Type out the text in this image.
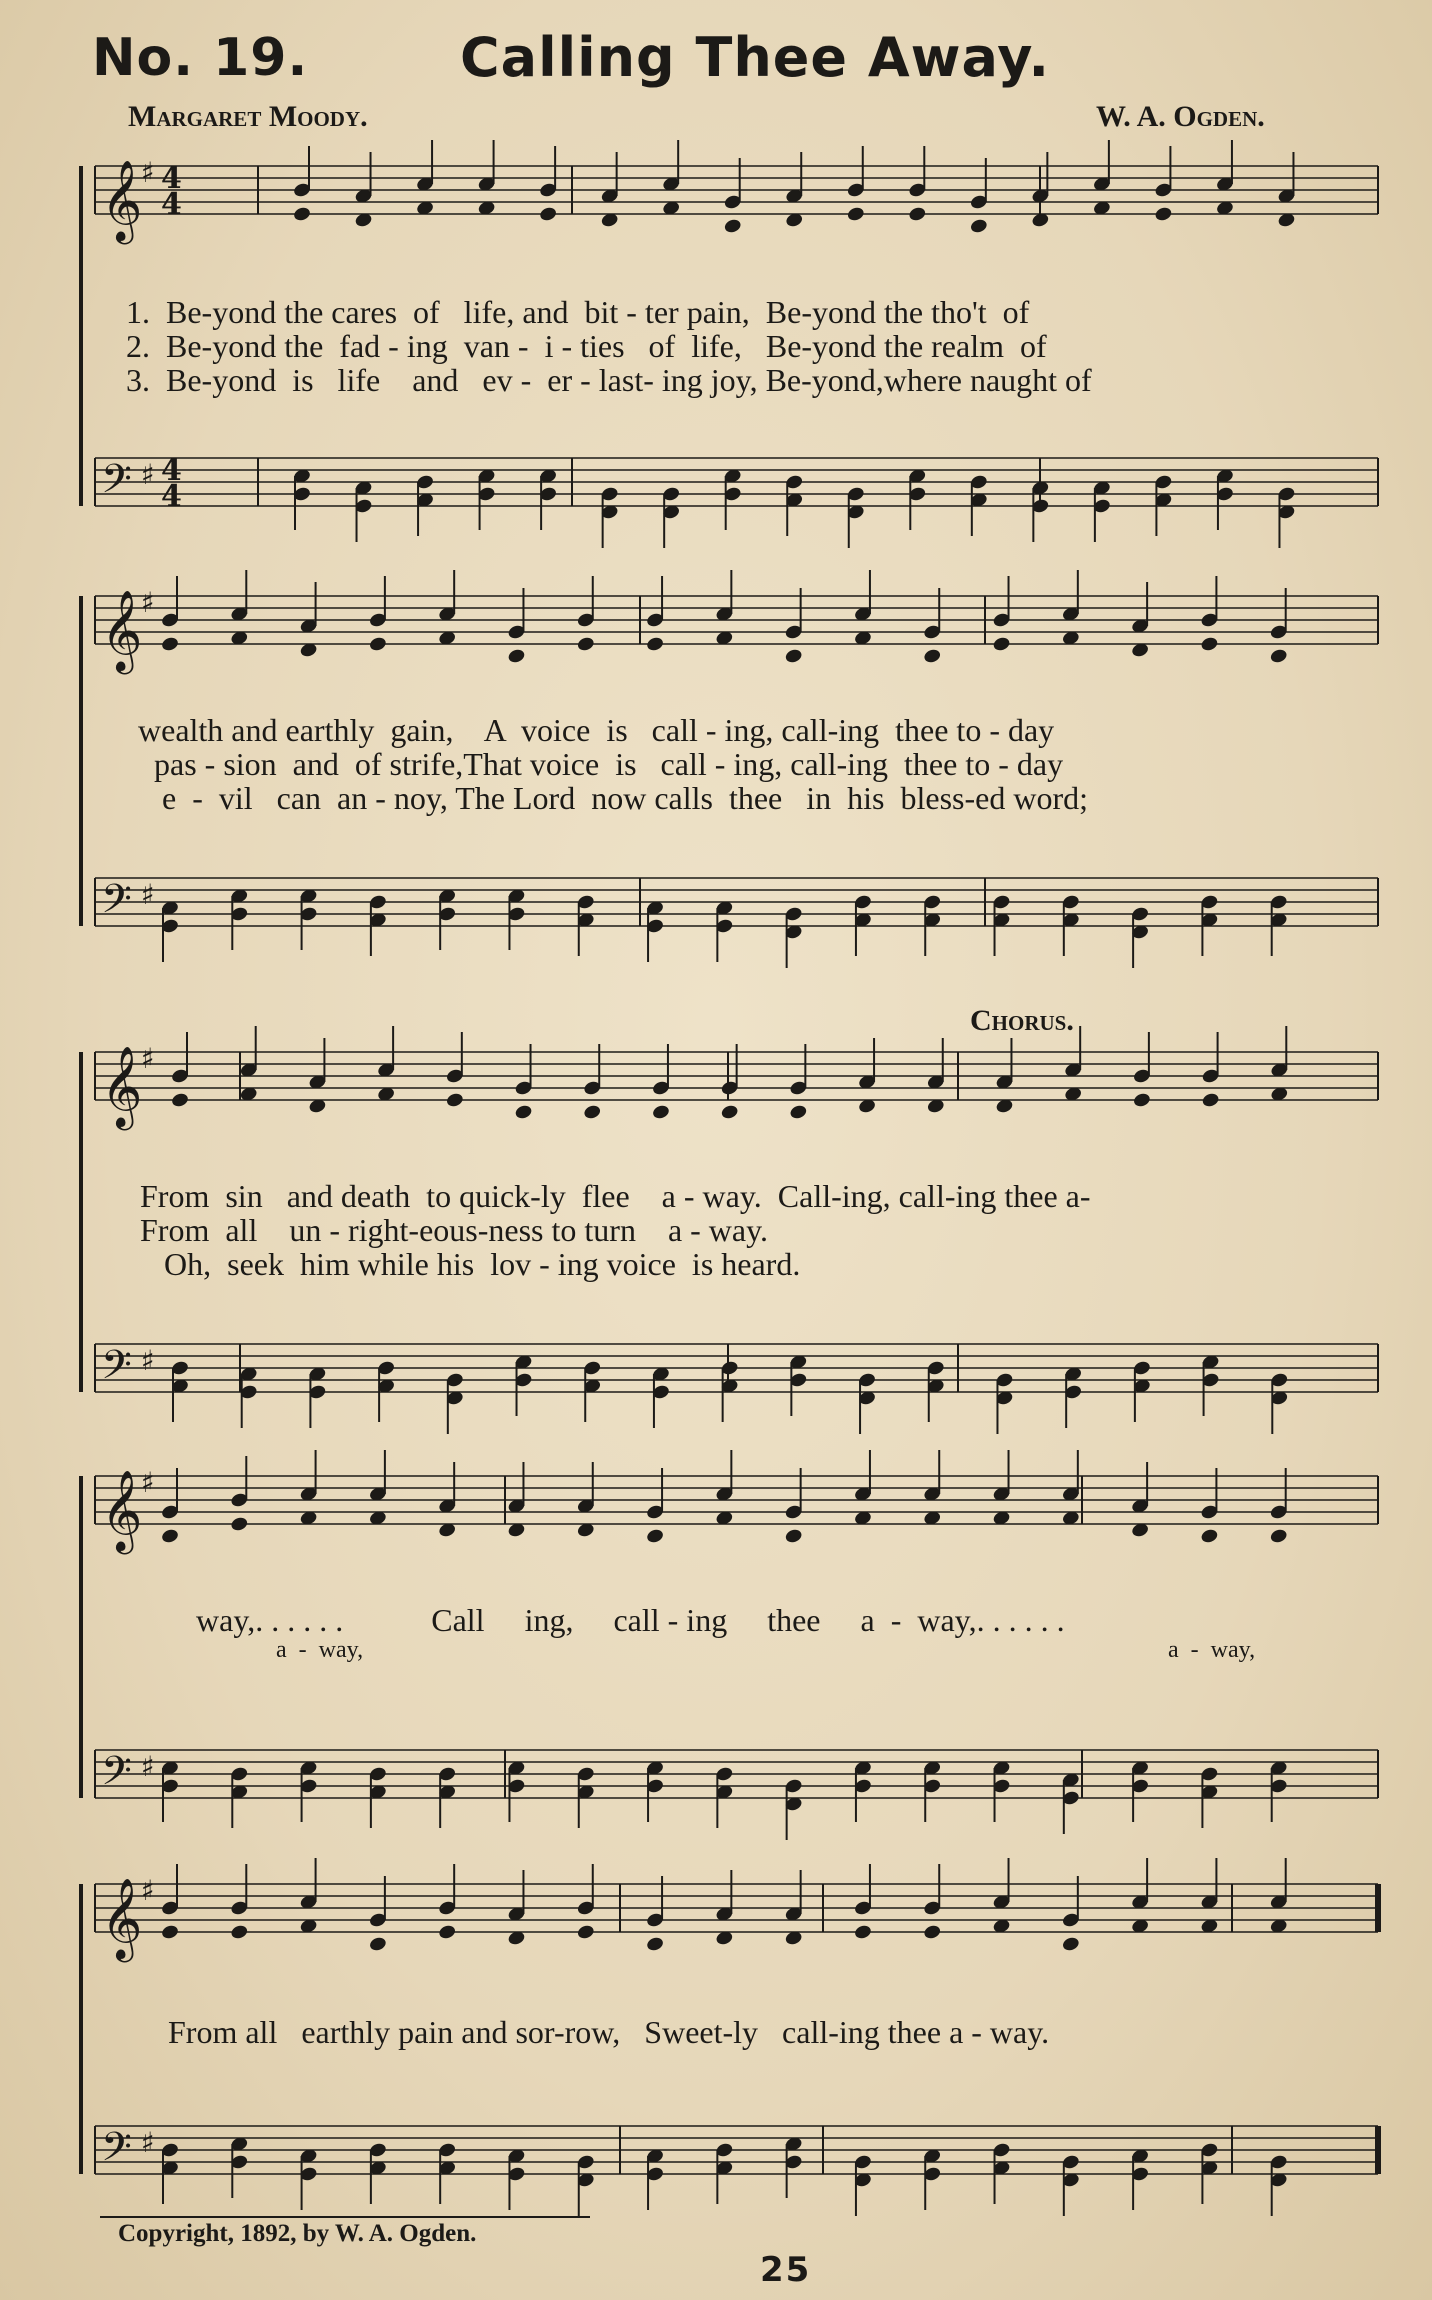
No. 19.	Calling Thee Away.
Margaret Moody.	W. A. Ogden.
𝄞
♯ 4
4
𝄢 ♯ 4
4
𝄞
♯
𝄢 ♯
𝄞
♯
𝄢 ♯
𝄞
♯
𝄢 ♯
𝄞
♯
𝄢 ♯
1.  Be-yond the cares  of   life, and  bit - ter pain,  Be-yond the tho't  of
2.  Be-yond the  fad - ing  van -  i - ties   of  life,   Be-yond the realm  of
3.  Be-yond  is   life    and   ev -  er - last- ing joy, Be-yond,where naught of
wealth and earthly  gain,    A  voice  is   call - ing, call-ing  thee to - day
pas - sion  and  of strife,That voice  is   call - ing, call-ing  thee to - day
e  -  vil   can  an - noy, The Lord  now calls  thee   in  his  bless-ed word;
Chorus.
From  sin   and death  to quick-ly  flee    a - way.  Call-ing, call-ing thee a-
From  all    un - right-eous-ness to turn    a - way.
Oh,  seek  him while his  lov - ing voice  is heard.
way,. . . . . .           Call     ing,     call - ing     thee     a  -  way,. . . . . .
a  -  way,	a  -  way,
From all   earthly pain and sor-row,   Sweet-ly   call-ing thee a - way.
Copyright, 1892, by W. A. Ogden.
25
